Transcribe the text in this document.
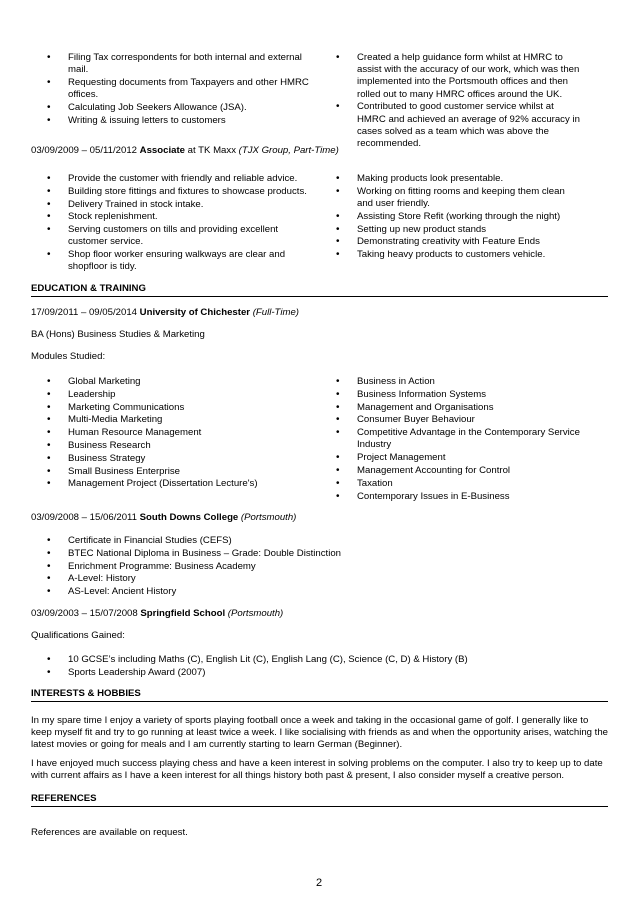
• Filing Tax correspondents for both internal and external mail.
• Requesting documents from Taxpayers and other HMRC offices.
• Calculating Job Seekers Allowance (JSA).
• Writing & issuing letters to customers
• Created a help guidance form whilst at HMRC to assist with the accuracy of our work, which was then implemented into the Portsmouth offices and then rolled out to many HMRC offices around the UK.
• Contributed to good customer service whilst at HMRC and achieved an average of 92% accuracy in cases solved as a team which was above the recommended.
03/09/2009 – 05/11/2012 Associate at TK Maxx (TJX Group, Part-Time)
• Provide the customer with friendly and reliable advice.
• Building store fittings and fixtures to showcase products.
• Delivery Trained in stock intake.
• Stock replenishment.
• Serving customers on tills and providing excellent customer service.
• Shop floor worker ensuring walkways are clear and shopfloor is tidy.
• Making products look presentable.
• Working on fitting rooms and keeping them clean and user friendly.
• Assisting Store Refit (working through the night)
• Setting up new product stands
• Demonstrating creativity with Feature Ends
• Taking heavy products to customers vehicle.
EDUCATION & TRAINING
17/09/2011 – 09/05/2014 University of Chichester (Full-Time)
BA (Hons) Business Studies & Marketing
Modules Studied:
• Global Marketing
• Leadership
• Marketing Communications
• Multi-Media Marketing
• Human Resource Management
• Business Research
• Business Strategy
• Small Business Enterprise
• Management Project (Dissertation Lecture's)
• Business in Action
• Business Information Systems
• Management and Organisations
• Consumer Buyer Behaviour
• Competitive Advantage in the Contemporary Service Industry
• Project Management
• Management Accounting for Control
• Taxation
• Contemporary Issues in E-Business
03/09/2008 – 15/06/2011 South Downs College (Portsmouth)
• Certificate in Financial Studies (CEFS)
• BTEC National Diploma in Business – Grade: Double Distinction
• Enrichment Programme: Business Academy
• A-Level: History
• AS-Level: Ancient History
03/09/2003 – 15/07/2008 Springfield School (Portsmouth)
Qualifications Gained:
• 10 GCSE’s including Maths (C), English Lit (C), English Lang (C), Science (C, D) & History (B)
• Sports Leadership Award (2007)
INTERESTS & HOBBIES
In my spare time I enjoy a variety of sports playing football once a week and taking in the occasional game of golf. I generally like to keep myself fit and try to go running at least twice a week. I like socialising with friends as and when the opportunity arises, watching the latest movies or going for meals and I am currently starting to learn German (Beginner).
I have enjoyed much success playing chess and have a keen interest in solving problems on the computer. I also try to keep up to date with current affairs as I have a keen interest for all things history both past & present, I also consider myself a creative person.
REFERENCES
References are available on request.
2
